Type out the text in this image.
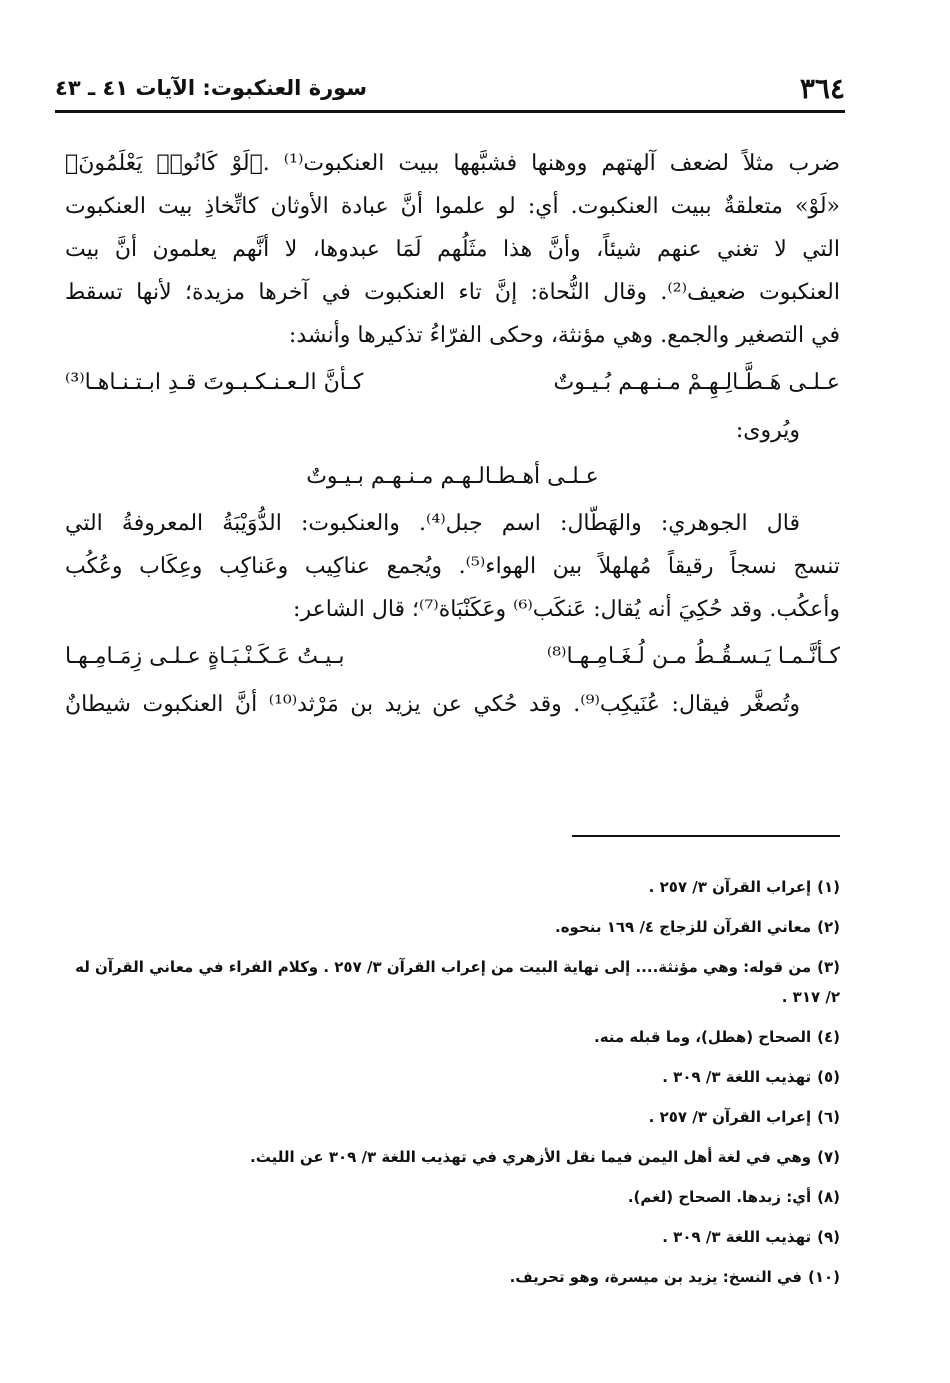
٣٦٤
سورة العنكبوت: الآيات ٤١ ـ ٤٣
ضرب مثلاً لضعف آلهتهم ووهنها فشبَّهها ببيت العنكبوت⁽¹⁾ .﴿لَوْ كَانُوا۟ يَعْلَمُونَ﴾
«لَوْ» متعلقةٌ ببيت العنكبوت. أي: لو علموا أنَّ عبادة الأوثان كاتِّخاذِ بيت العنكبوت
التي لا تغني عنهم شيئاً، وأنَّ هذا مثَلُهم لَمَا عبدوها، لا أنَّهم يعلمون أنَّ بيت
العنكبوت ضعيف⁽²⁾. وقال النُّحاة: إنَّ تاء العنكبوت في آخرها مزيدة؛ لأنها تسقط
في التصغير والجمع. وهي مؤنثة، وحكى الفرّاءُ تذكيرها وأنشد:
عـلـى هَـطَّـالِـهِـمْ مـنـهـم بُـيـوتٌ
كـأنَّ الـعـنـكـبـوتَ قـدِ ابـتـنـاهـا⁽³⁾
ويُروى:
عـلـى أهـطـالـهـم مـنـهـم بـيـوتٌ
قال الجوهري: والهَطّال: اسم جبل⁽⁴⁾. والعنكبوت: الدُّوَيْبَةُ المعروفةُ التي
تنسج نسجاً رقيقاً مُهلهلاً بين الهواء⁽⁵⁾. ويُجمع عناكِيب وعَناكِب وعِكَاب وعُكُب
وأعكُب. وقد حُكِيَ أنه يُقال: عَنكَب⁽⁶⁾ وعَكَنْبَاة⁽⁷⁾؛ قال الشاعر:
كـأنَّـمـا يَـسـقُـطُ مـن لُـغَـامِـهـا⁽⁸⁾
بـيـتُ عَـكَـنْـبَـاةٍ عـلـى زِمَـامِـهـا
وتُصغَّر فيقال: عُنَيكِب⁽⁹⁾. وقد حُكي عن يزيد بن مَرْثد⁽¹⁰⁾ أنَّ العنكبوت شيطانٌ
(١)إعراب القرآن ٣/ ٢٥٧ .
(٢)معاني القرآن للزجاج ٤/ ١٦٩ بنحوه.
(٣)من قوله: وهي مؤنثة.... إلى نهاية البيت من إعراب القرآن ٣/ ٢٥٧ . وكلام الفراء في معاني القرآن له ٢/ ٣١٧ .
(٤)الصحاح (هطل)، وما قبله منه.
(٥)تهذيب اللغة ٣/ ٣٠٩ .
(٦)إعراب القرآن ٣/ ٢٥٧ .
(٧)وهي في لغة أهل اليمن فيما نقل الأزهري في تهذيب اللغة ٣/ ٣٠٩ عن الليث.
(٨)أي: زبدها. الصحاح (لغم).
(٩)تهذيب اللغة ٣/ ٣٠٩ .
(١٠)في النسخ: يزيد بن ميسرة، وهو تحريف.
